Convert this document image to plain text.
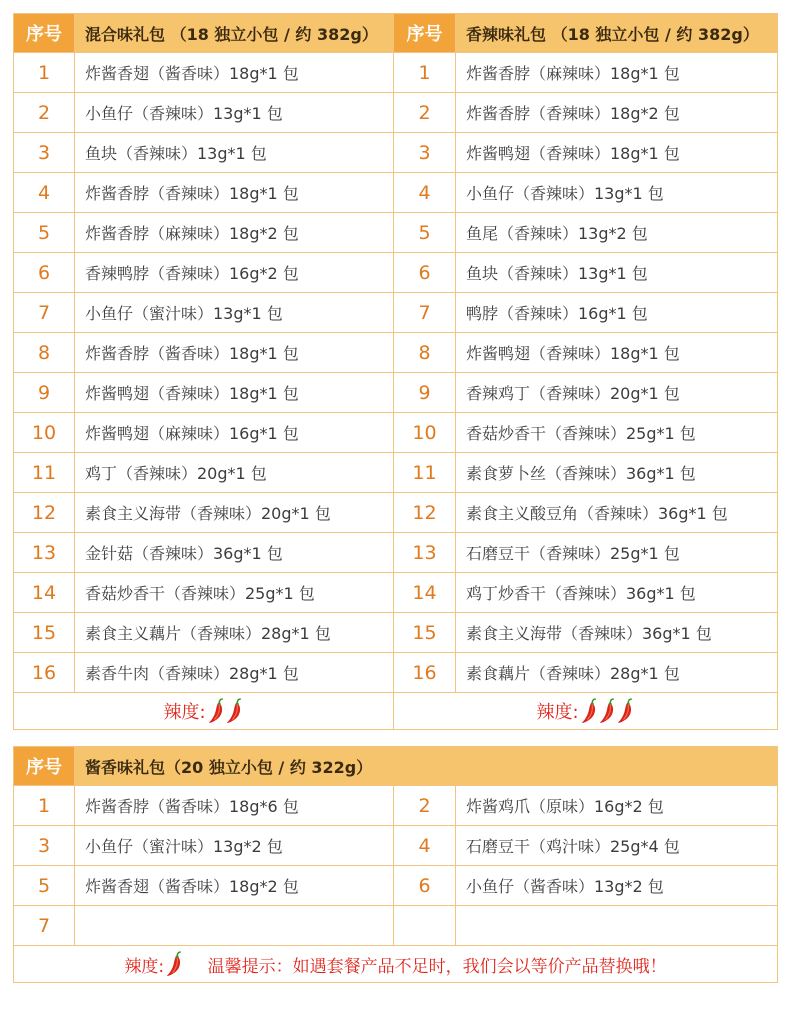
序号	混合味礼包 （18 独立小包 / 约 382g）	序号	香辣味礼包 （18 独立小包 / 约 382g）
1	炸酱香翅（酱香味）18g*1 包	1	炸酱香脖（麻辣味）18g*1 包
2	小鱼仔（香辣味）13g*1 包	2	炸酱香脖（香辣味）18g*2 包
3	鱼块（香辣味）13g*1 包	3	炸酱鸭翅（香辣味）18g*1 包
4	炸酱香脖（香辣味）18g*1 包	4	小鱼仔（香辣味）13g*1 包
5	炸酱香脖（麻辣味）18g*2 包	5	鱼尾（香辣味）13g*2 包
6	香辣鸭脖（香辣味）16g*2 包	6	鱼块（香辣味）13g*1 包
7	小鱼仔（蜜汁味）13g*1 包	7	鸭脖（香辣味）16g*1 包
8	炸酱香脖（酱香味）18g*1 包	8	炸酱鸭翅（香辣味）18g*1 包
9	炸酱鸭翅（香辣味）18g*1 包	9	香辣鸡丁（香辣味）20g*1 包
10	炸酱鸭翅（麻辣味）16g*1 包	10	香菇炒香干（香辣味）25g*1 包
11	鸡丁（香辣味）20g*1 包	11	素食萝卜丝（香辣味）36g*1 包
12	素食主义海带（香辣味）20g*1 包	12	素食主义酸豆角（香辣味）36g*1 包
13	金针菇（香辣味）36g*1 包	13	石磨豆干（香辣味）25g*1 包
14	香菇炒香干（香辣味）25g*1 包	14	鸡丁炒香干（香辣味）36g*1 包
15	素食主义藕片（香辣味）28g*1 包	15	素食主义海带（香辣味）36g*1 包
16	素香牛肉（香辣味）28g*1 包	16	素食藕片（香辣味）28g*1 包

辣度:		辣度:	
序号	酱香味礼包（20 独立小包 / 约 322g）		
1	炸酱香脖（酱香味）18g*6 包	2	炸酱鸡爪（原味）16g*2 包
3	小鱼仔（蜜汁味）13g*2 包	4	石磨豆干（鸡汁味）25g*4 包
5	炸酱香翅（酱香味）18g*2 包	6	小鱼仔（酱香味）13g*2 包
7			

辣度: 温馨提示：如遇套餐产品不足时，我们会以等价产品替换哦！			
